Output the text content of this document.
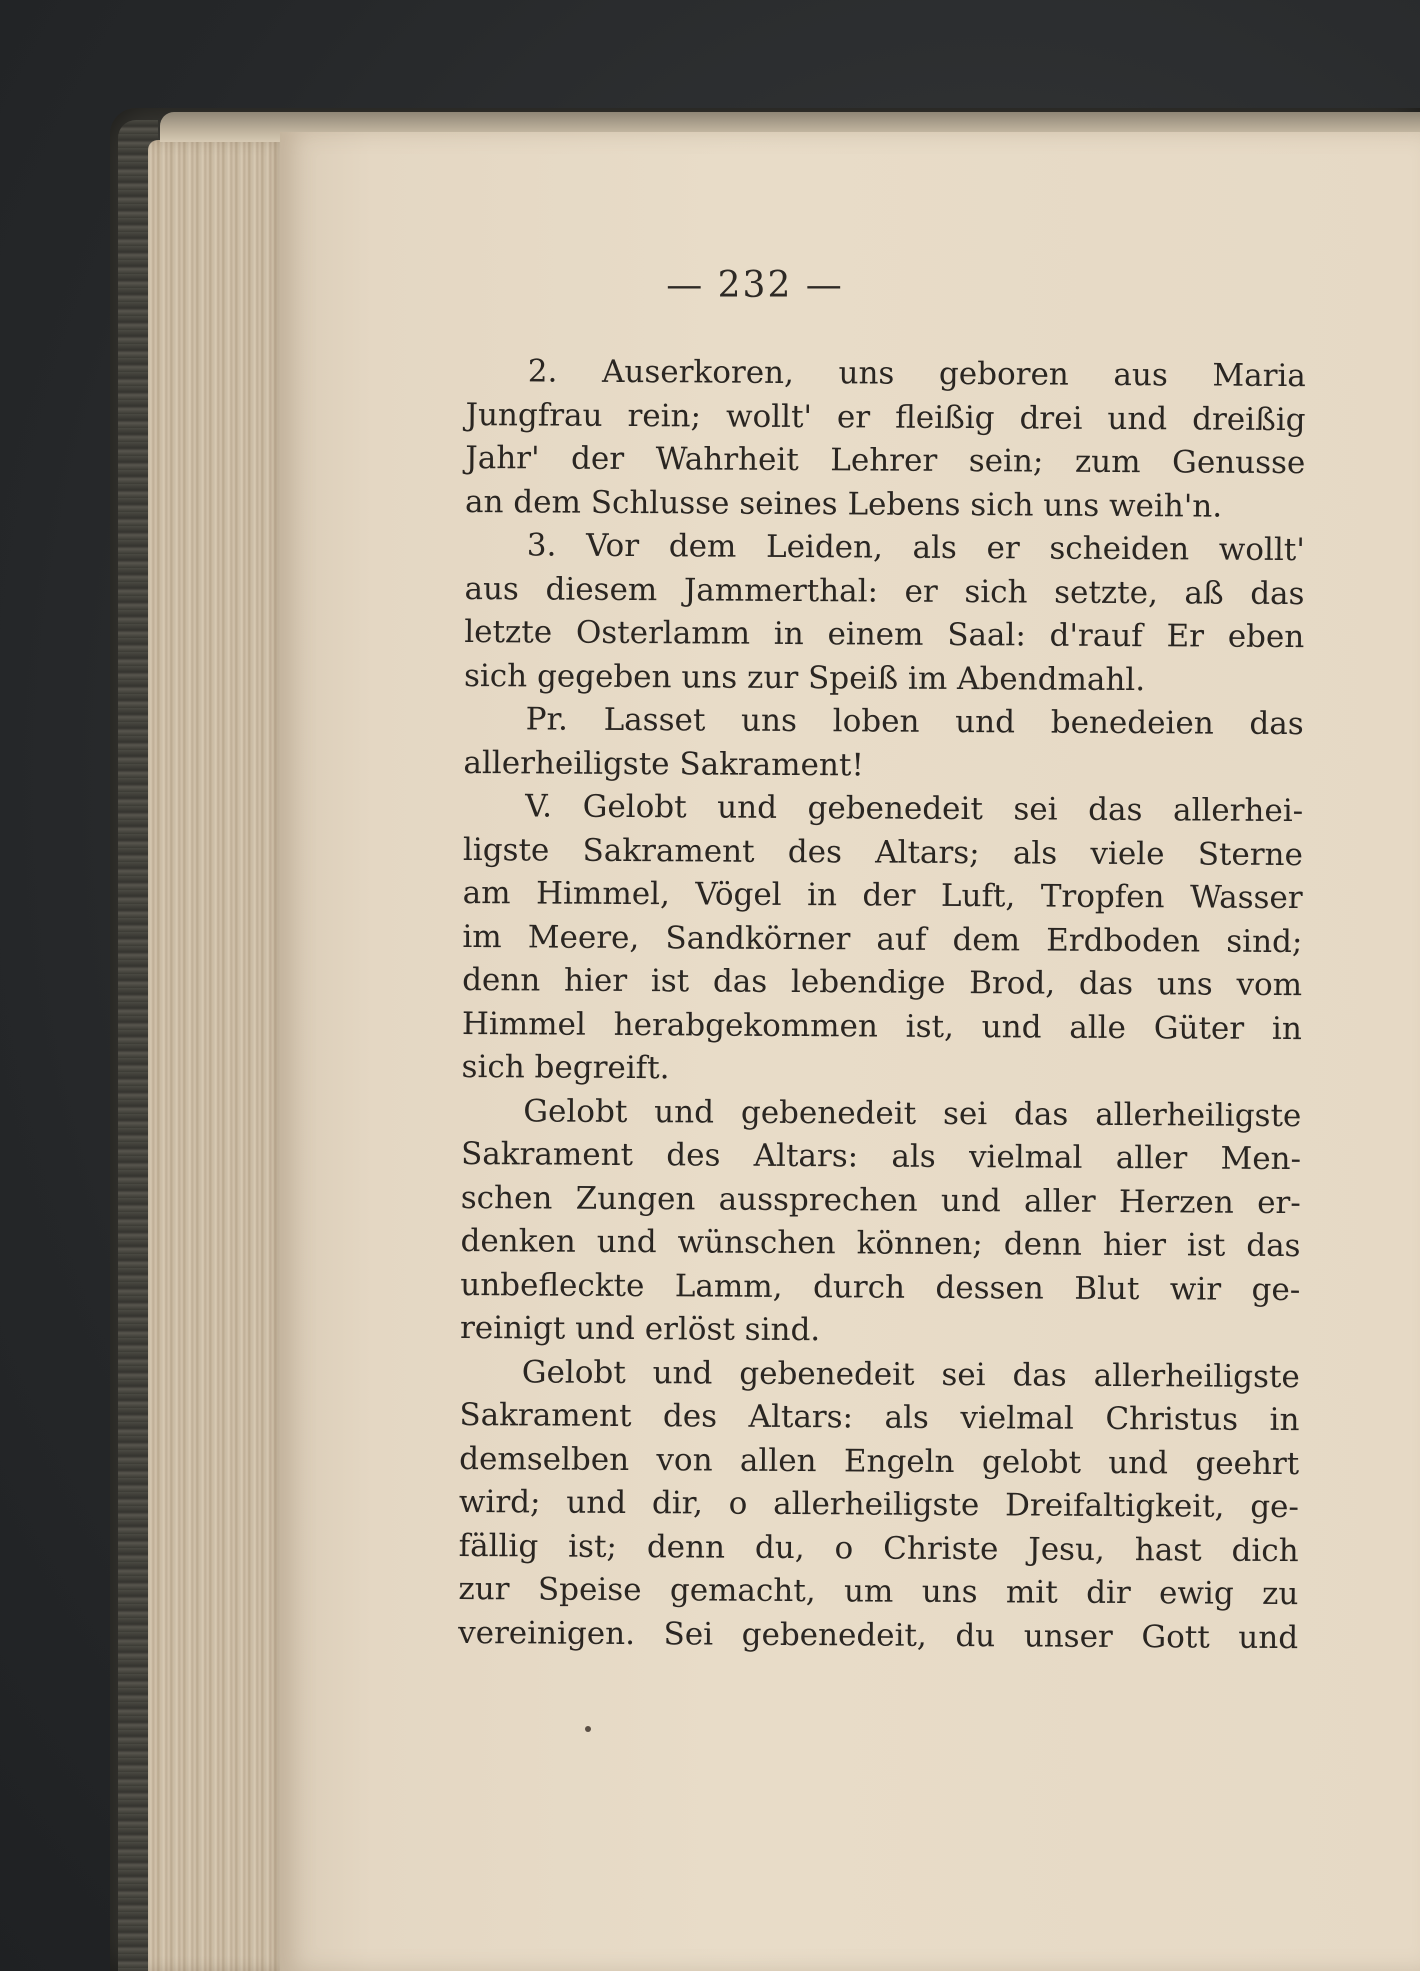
— 232 —
2. Auserkoren, uns geboren aus Maria
Jungfrau rein; wollt' er fleißig drei und dreißig
Jahr' der Wahrheit Lehrer sein; zum Genusse
an dem Schlusse seines Lebens sich uns weih'n.
3. Vor dem Leiden, als er scheiden wollt'
aus diesem Jammerthal: er sich setzte, aß das
letzte Osterlamm in einem Saal: d'rauf Er eben
sich gegeben uns zur Speiß im Abendmahl.
Pr. Lasset uns loben und benedeien das
allerheiligste Sakrament!
V. Gelobt und gebenedeit sei das allerhei-
ligste Sakrament des Altars; als viele Sterne
am Himmel, Vögel in der Luft, Tropfen Wasser
im Meere, Sandkörner auf dem Erdboden sind;
denn hier ist das lebendige Brod, das uns vom
Himmel herabgekommen ist, und alle Güter in
sich begreift.
Gelobt und gebenedeit sei das allerheiligste
Sakrament des Altars: als vielmal aller Men-
schen Zungen aussprechen und aller Herzen er-
denken und wünschen können; denn hier ist das
unbefleckte Lamm, durch dessen Blut wir ge-
reinigt und erlöst sind.
Gelobt und gebenedeit sei das allerheiligste
Sakrament des Altars: als vielmal Christus in
demselben von allen Engeln gelobt und geehrt
wird; und dir, o allerheiligste Dreifaltigkeit, ge-
fällig ist; denn du, o Christe Jesu, hast dich
zur Speise gemacht, um uns mit dir ewig zu
vereinigen. Sei gebenedeit, du unser Gott und
